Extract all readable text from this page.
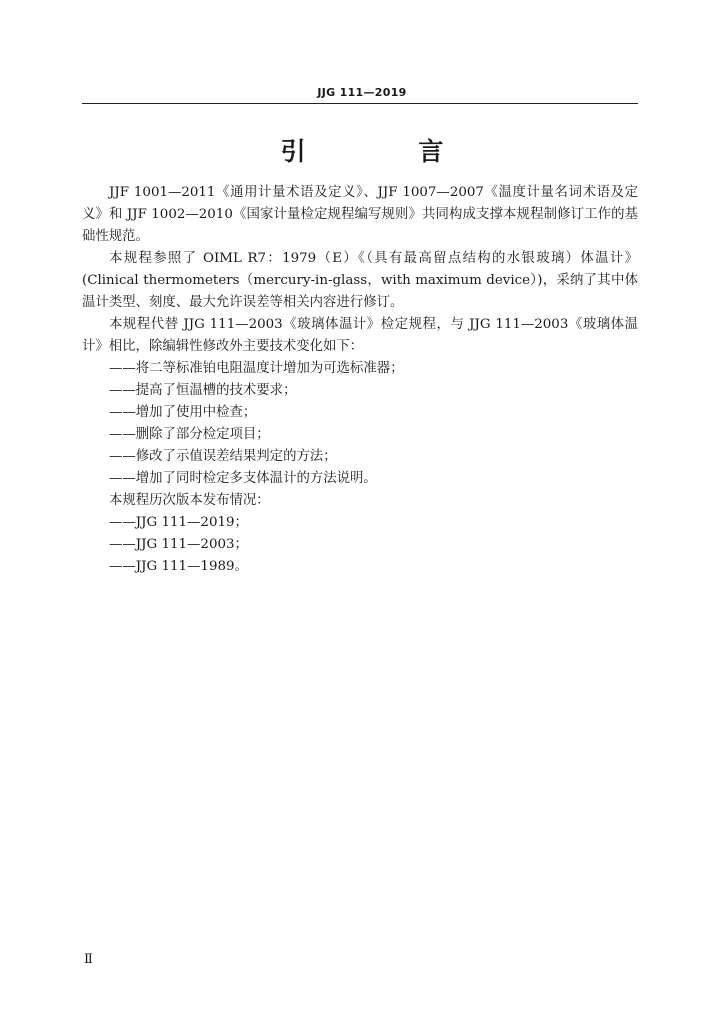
JJG 111—2019
引 言

JJF 1001—2011《通用计量术语及定义》、JJF 1007—2007《温度计量名词术语及定义》和 JJF 1002—2010《国家计量检定规程编写规则》共同构成支撑本规程制修订工作的基础性规范。

本规程参照了 OIML R7：1979（E）《（具有最高留点结构的水银玻璃）体温计》(Clinical thermometers（mercury-in-glass，with maximum device）)，采纳了其中体温计类型、刻度、最大允许误差等相关内容进行修订。

本规程代替 JJG 111—2003《玻璃体温计》检定规程，与 JJG 111—2003《玻璃体温计》相比，除编辑性修改外主要技术变化如下：

——将二等标准铂电阻温度计增加为可选标准器；

——提高了恒温槽的技术要求；

——增加了使用中检查；

——删除了部分检定项目；

——修改了示值误差结果判定的方法；

——增加了同时检定多支体温计的方法说明。

本规程历次版本发布情况：

——JJG 111—2019；

——JJG 111—2003；

——JJG 111—1989。

Ⅱ
